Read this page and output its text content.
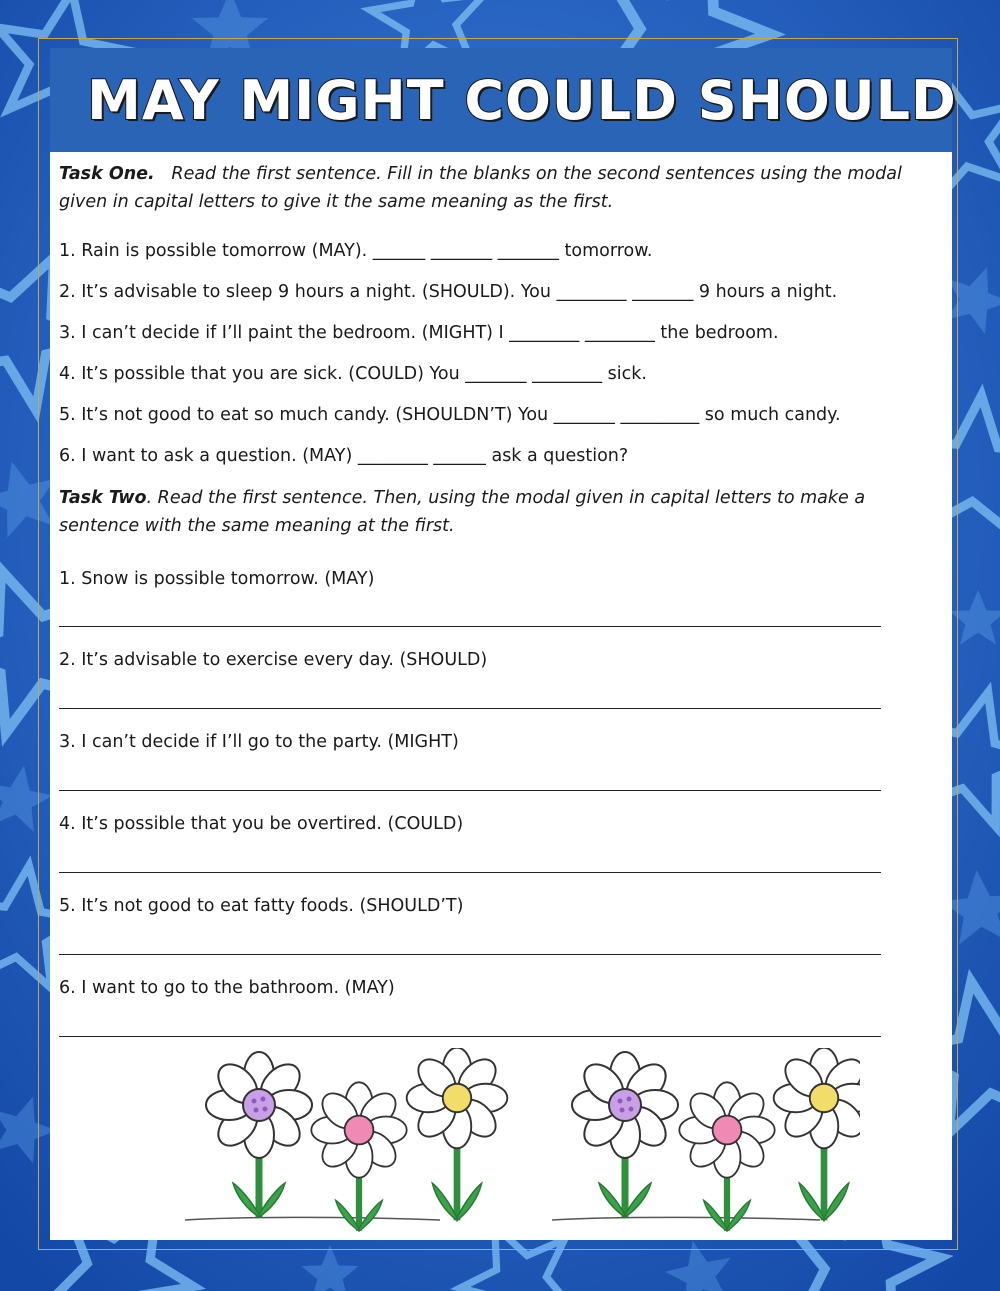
MAY MIGHT COULD SHOULD
Task One. Read the first sentence. Fill in the blanks on the second sentences using the modal given in capital letters to give it the same meaning as the first.
1. Rain is possible tomorrow (MAY). ______ _______ _______ tomorrow.
2. It’s advisable to sleep 9 hours a night. (SHOULD). You ________ _______ 9 hours a night.
3. I can’t decide if I’ll paint the bedroom. (MIGHT) I ________ ________ the bedroom.
4. It’s possible that you are sick. (COULD) You _______ ________ sick.
5. It’s not good to eat so much candy. (SHOULDN’T) You _______ _________ so much candy.
6. I want to ask a question. (MAY) ________ ______ ask a question?
Task Two. Read the first sentence. Then, using the modal given in capital letters to make a sentence with the same meaning at the first.
1. Snow is possible tomorrow. (MAY)
2. It’s advisable to exercise every day. (SHOULD)
3. I can’t decide if I’ll go to the party. (MIGHT)
4. It’s possible that you be overtired. (COULD)
5. It’s not good to eat fatty foods. (SHOULD’T)
6. I want to go to the bathroom. (MAY)
